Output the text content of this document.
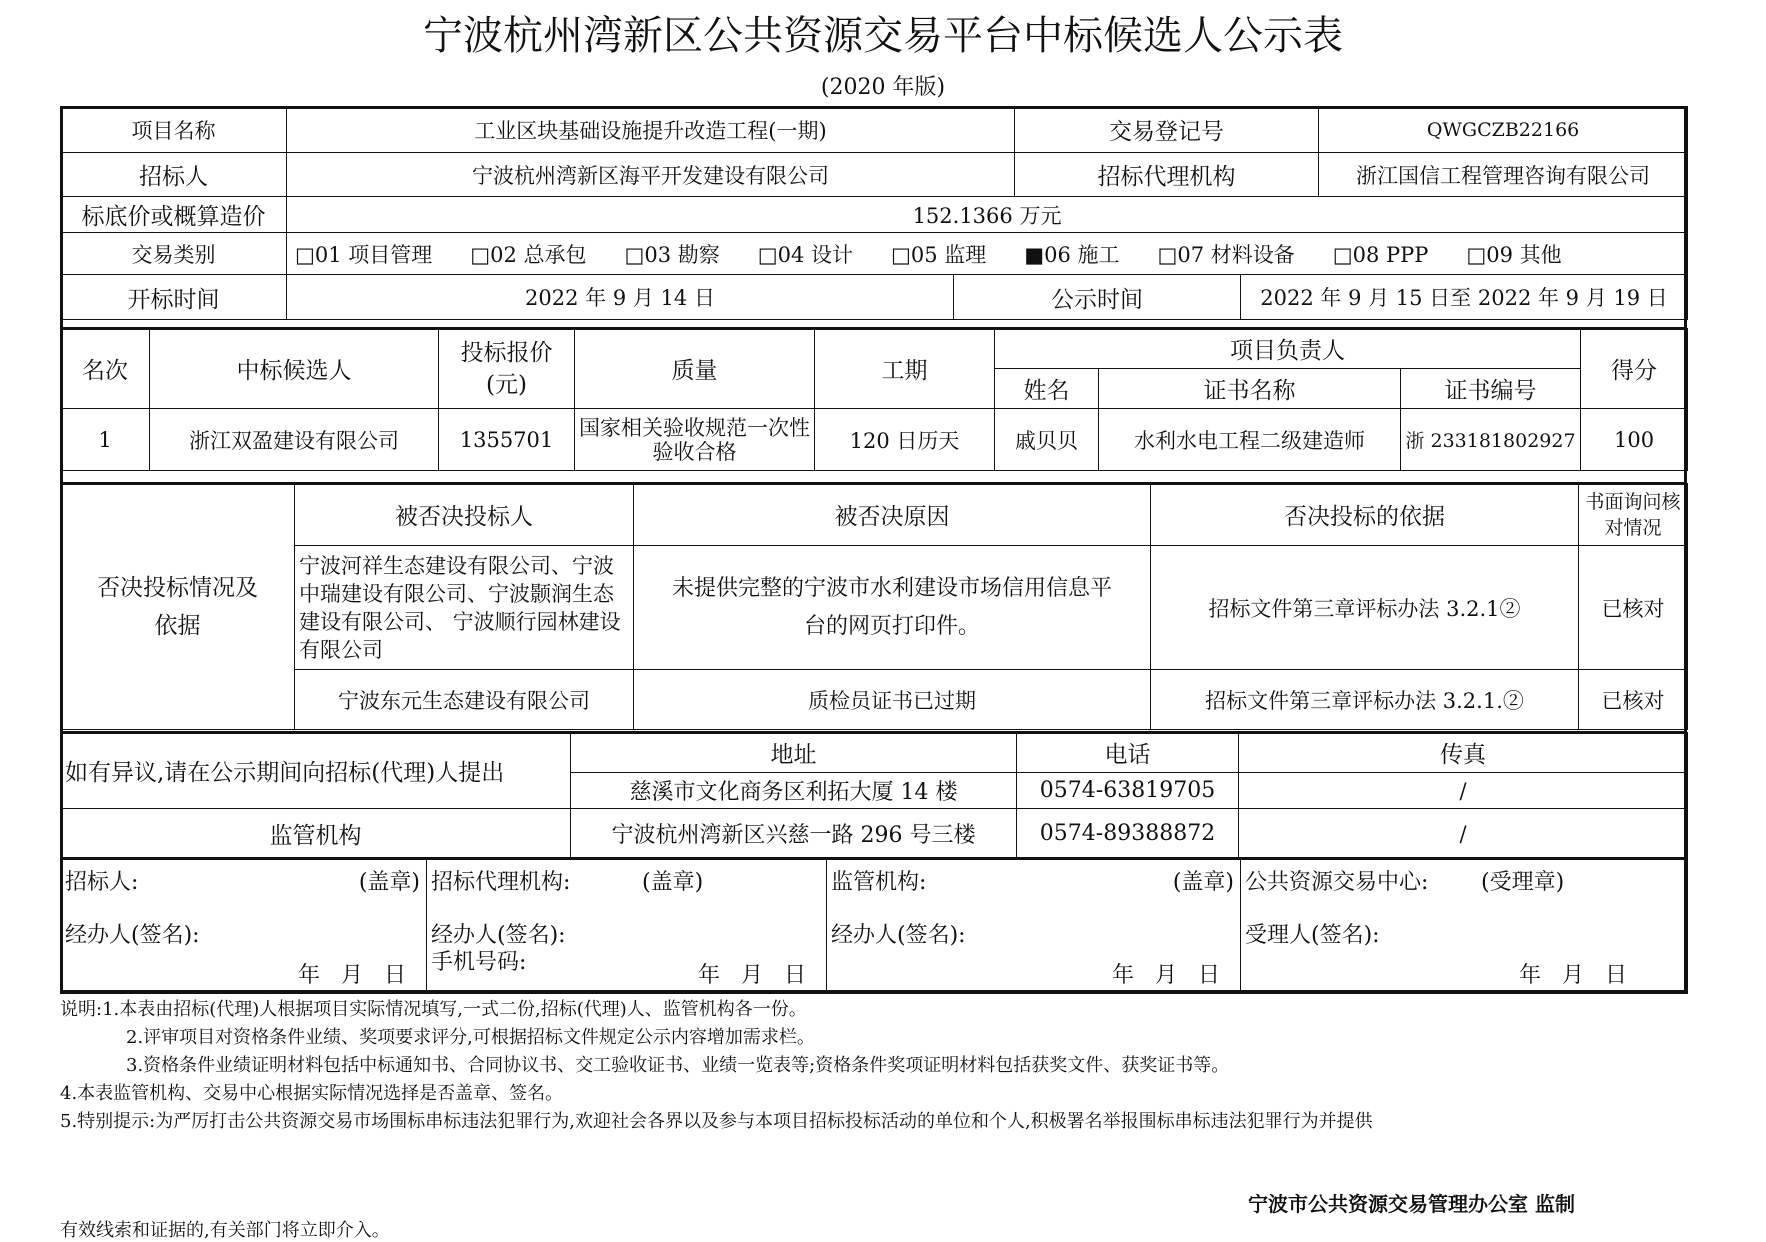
宁波杭州湾新区公共资源交易平台中标候选人公示表
(2020 年版)
项目名称	工业区块基础设施提升改造工程(一期)		交易登记号		QWGCZB22166
招标人	宁波杭州湾新区海平开发建设有限公司		招标代理机构		浙江国信工程管理咨询有限公司
标底价或概算造价	152.1366 万元				
交易类别	□01 项目管理 □02 总承包 □03 勘察 □04 设计 □05 监理 ■06 施工 □07 材料设备 □08 PPP □09 其他				
开标时间	2022 年 9 月 14 日	公示时间		2022 年 9 月 15 日至 2022 年 9 月 19 日	
名次	中标候选人	投标报价(元)	质量	工期	项目负责人			得分
					姓名	证书名称	证书编号	
1	浙江双盈建设有限公司	1355701	国家相关验收规范一次性验收合格	120 日历天	戚贝贝	水利水电工程二级建造师	浙 233181802927	100
否决投标情况及依据	被否决投标人	被否决原因	否决投标的依据	书面询问核对情况
	宁波河祥生态建设有限公司、宁波中瑞建设有限公司、宁波颢润生态建设有限公司、 宁波顺行园林建设有限公司	未提供完整的宁波市水利建设市场信用信息平台的网页打印件。	招标文件第三章评标办法 3.2.1②	已核对
	宁波东元生态建设有限公司	质检员证书已过期	招标文件第三章评标办法 3.2.1.②	已核对
如有异议,请在公示期间向招标(代理)人提出	地址	电话	传真
	慈溪市文化商务区利拓大厦 14 楼	0574-63819705	/
监管机构	宁波杭州湾新区兴慈一路 296 号三楼	0574-89388872	/
招标人:	(盖章)
经办人(签名):
年 月 日
	招标代理机构:	(盖章)
经办人(签名):
手机号码:
年 月 日
	监管机构:	(盖章)
经办人(签名):
年 月 日
	公共资源交易中心: (受理章)
受理人(签名):
年 月 日
说明:1.本表由招标(代理)人根据项目实际情况填写,一式二份,招标(代理)人、监管机构各一份。
2.评审项目对资格条件业绩、奖项要求评分,可根据招标文件规定公示内容增加需求栏。
3.资格条件业绩证明材料包括中标通知书、合同协议书、交工验收证书、业绩一览表等;资格条件奖项证明材料包括获奖文件、获奖证书等。
4.本表监管机构、交易中心根据实际情况选择是否盖章、签名。
5.特别提示:为严厉打击公共资源交易市场围标串标违法犯罪行为,欢迎社会各界以及参与本项目招标投标活动的单位和个人,积极署名举报围标串标违法犯罪行为并提供
宁波市公共资源交易管理办公室 监制
有效线索和证据的,有关部门将立即介入。
